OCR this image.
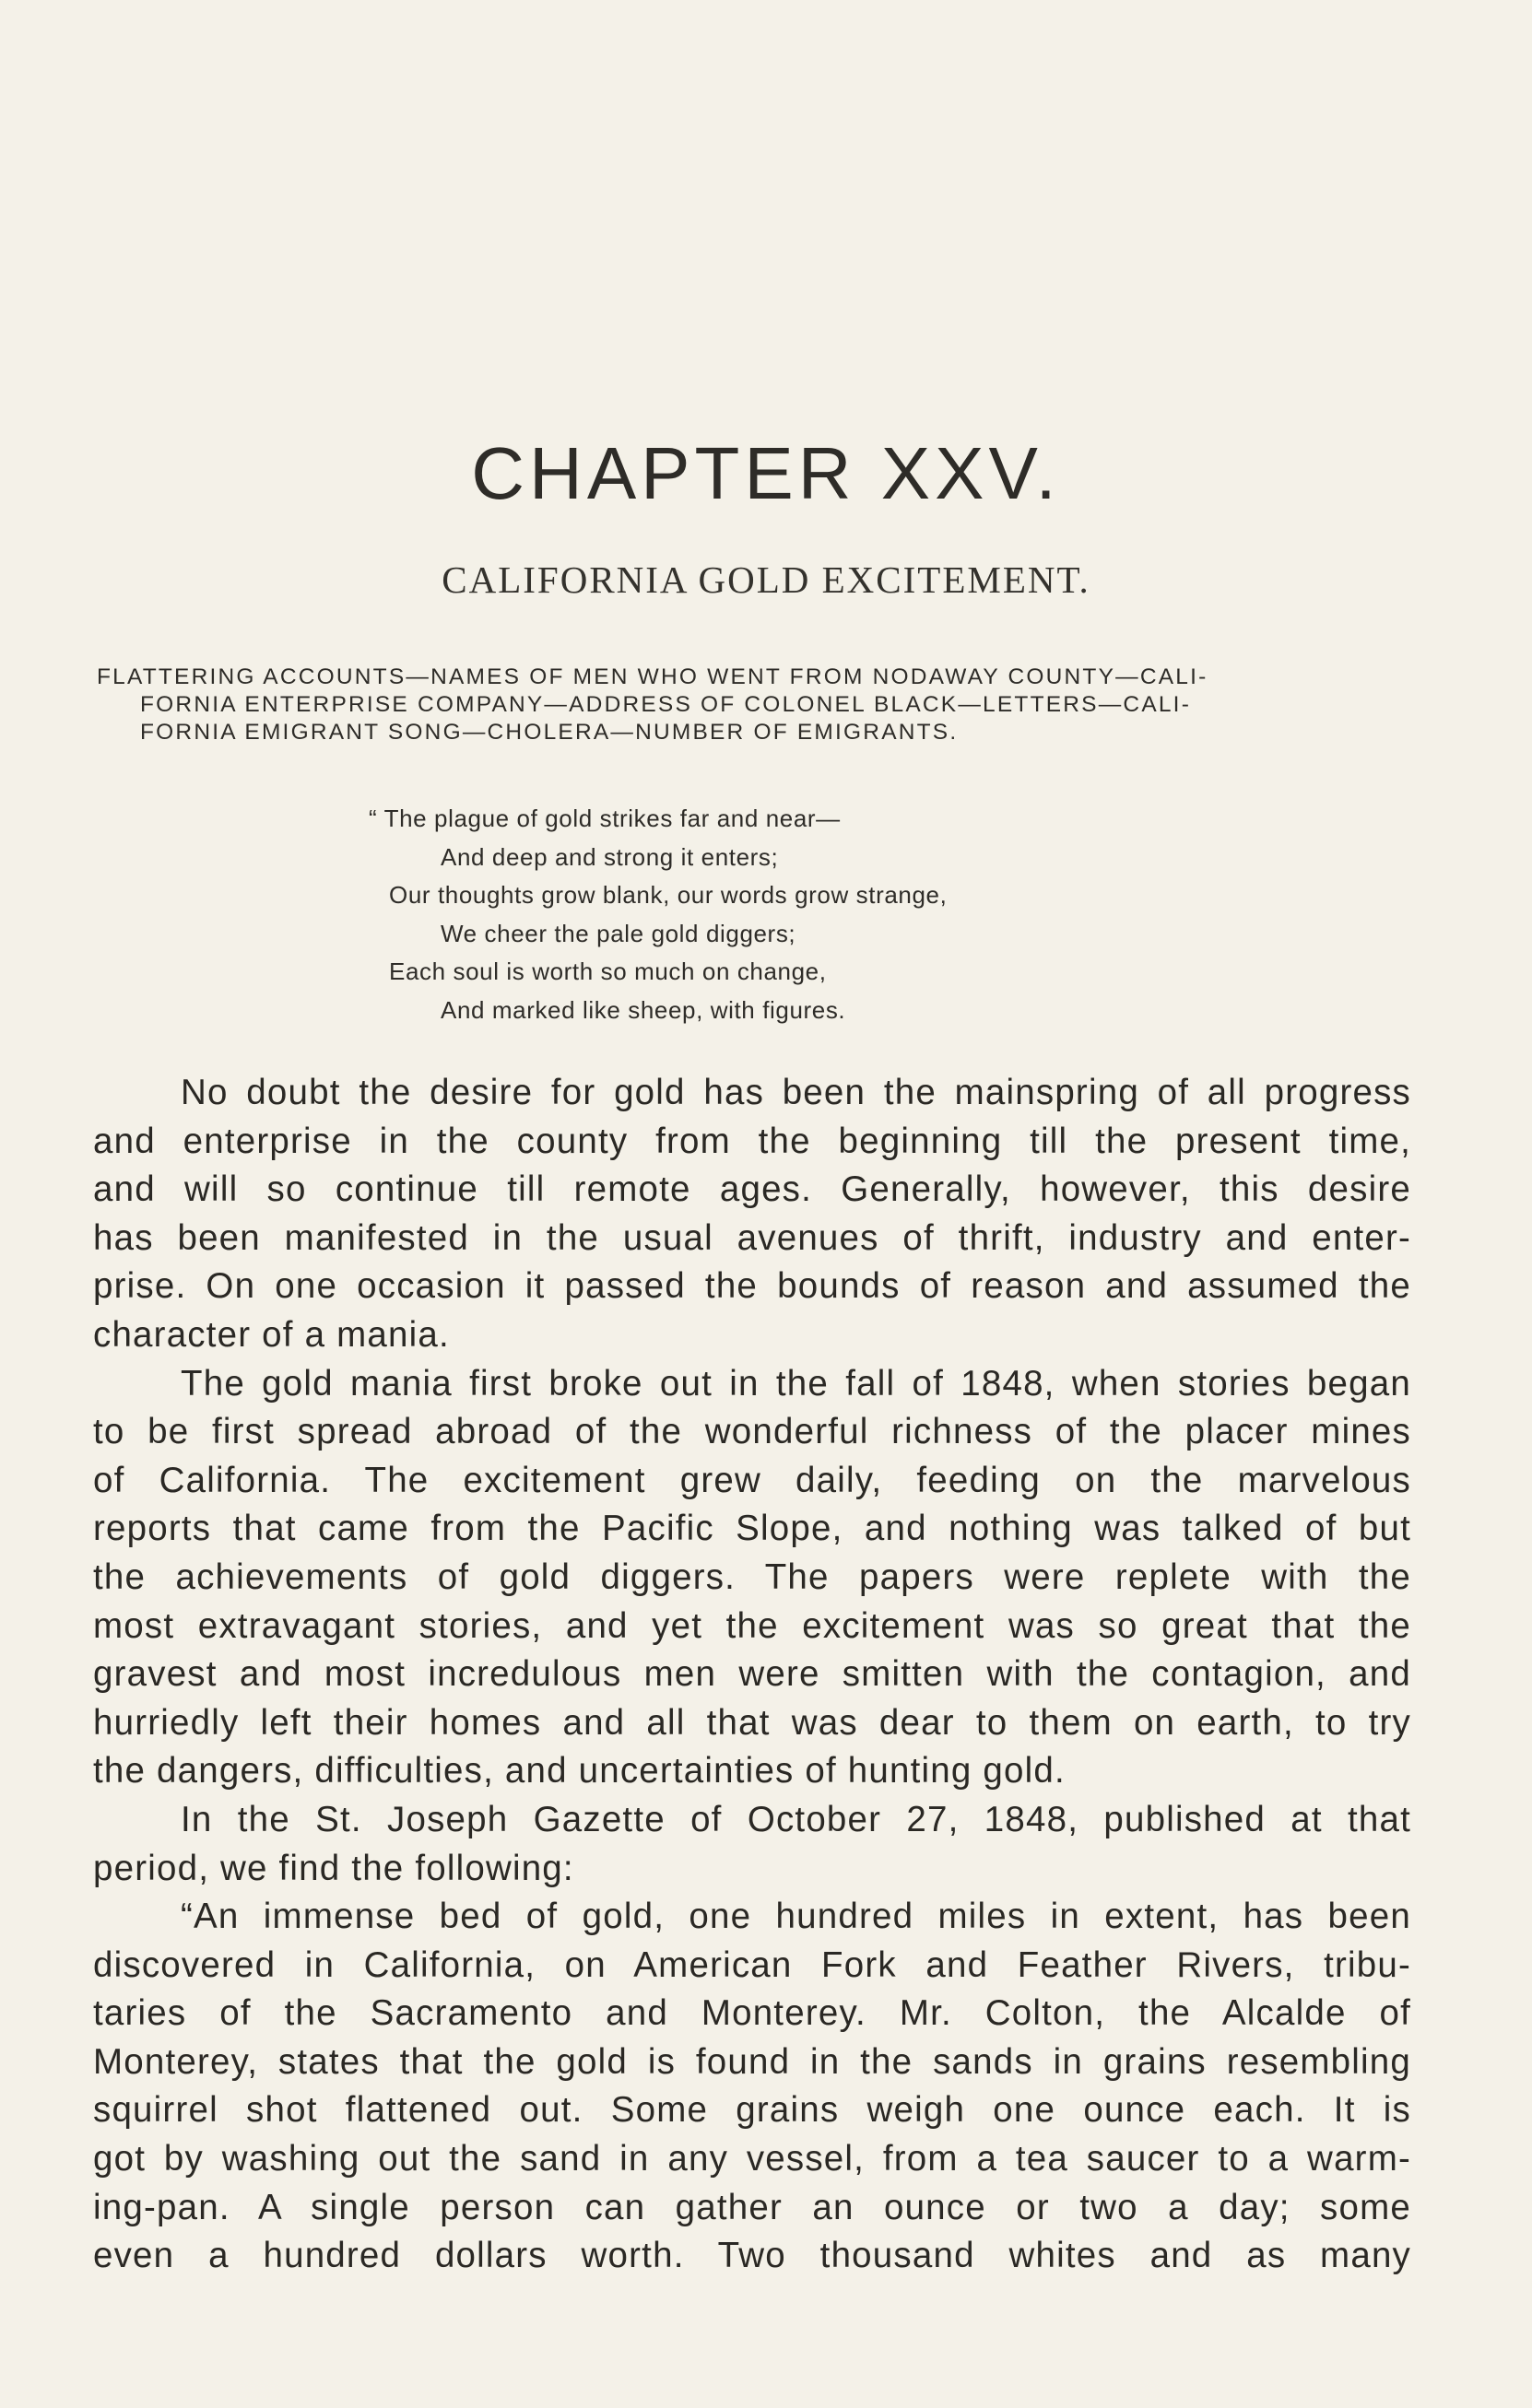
CHAPTER XXV.
CALIFORNIA GOLD EXCITEMENT.
FLATTERING ACCOUNTS—NAMES OF MEN WHO WENT FROM NODAWAY COUNTY—CALI-
FORNIA ENTERPRISE COMPANY—ADDRESS OF COLONEL BLACK—LETTERS—CALI-
FORNIA EMIGRANT SONG—CHOLERA—NUMBER OF EMIGRANTS.
“ The plague of gold strikes far and near—
And deep and strong it enters;
Our thoughts grow blank, our words grow strange,
We cheer the pale gold diggers;
Each soul is worth so much on change,
And marked like sheep, with figures.
No doubt the desire for gold has been the mainspring of all progress
and enterprise in the county from the beginning till the present time,
and will so continue till remote ages. Generally, however, this desire
has been manifested in the usual avenues of thrift, industry and enter-
prise. On one occasion it passed the bounds of reason and assumed the
character of a mania.
The gold mania first broke out in the fall of 1848, when stories began
to be first spread abroad of the wonderful richness of the placer mines
of California. The excitement grew daily, feeding on the marvelous
reports that came from the Pacific Slope, and nothing was talked of but
the achievements of gold diggers. The papers were replete with the
most extravagant stories, and yet the excitement was so great that the
gravest and most incredulous men were smitten with the contagion, and
hurriedly left their homes and all that was dear to them on earth, to try
the dangers, difficulties, and uncertainties of hunting gold.
In the St. Joseph Gazette of October 27, 1848, published at that
period, we find the following:
“An immense bed of gold, one hundred miles in extent, has been
discovered in California, on American Fork and Feather Rivers, tribu-
taries of the Sacramento and Monterey. Mr. Colton, the Alcalde of
Monterey, states that the gold is found in the sands in grains resembling
squirrel shot flattened out. Some grains weigh one ounce each. It is
got by washing out the sand in any vessel, from a tea saucer to a warm-
ing-pan. A single person can gather an ounce or two a day; some
even a hundred dollars worth. Two thousand whites and as many
